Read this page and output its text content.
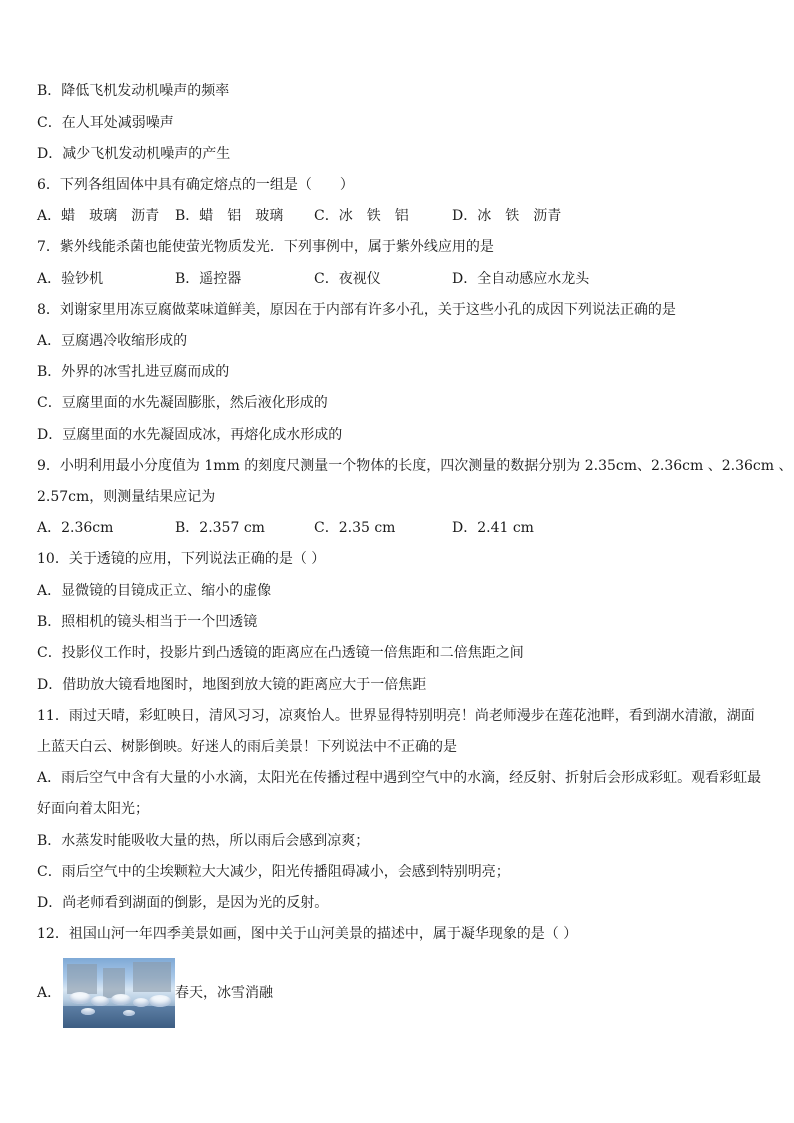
B．降低飞机发动机噪声的频率
C．在人耳处减弱噪声
D．减少飞机发动机噪声的产生
6．下列各组固体中具有确定熔点的一组是（　　）
A．蜡　玻璃　沥青 B．蜡　铝　玻璃 C．冰　铁　铝	D．冰　铁　沥青
7．紫外线能杀菌也能使萤光物质发光．下列事例中，属于紫外线应用的是
A．验钞机	B．遥控器	C．夜视仪	D．全自动感应水龙头
8．刘谢家里用冻豆腐做菜味道鲜美，原因在于内部有许多小孔，关于这些小孔的成因下列说法正确的是
A．豆腐遇冷收缩形成的
B．外界的冰雪扎进豆腐而成的
C．豆腐里面的水先凝固膨胀，然后液化形成的
D．豆腐里面的水先凝固成冰，再熔化成水形成的
9．小明利用最小分度值为 1mm 的刻度尺测量一个物体的长度，四次测量的数据分别为 2.35cm、2.36cm 、2.36cm 、
2.57cm，则测量结果应记为
A．2.36cm	B．2.357 cm	C．2.35 cm	D．2.41 cm
10．关于透镜的应用，下列说法正确的是（ ）
A．显微镜的目镜成正立、缩小的虚像
B．照相机的镜头相当于一个凹透镜
C．投影仪工作时，投影片到凸透镜的距离应在凸透镜一倍焦距和二倍焦距之间
D．借助放大镜看地图时，地图到放大镜的距离应大于一倍焦距
11．雨过天晴，彩虹映日，清风习习，凉爽怡人。世界显得特别明亮！尚老师漫步在莲花池畔，看到湖水清澈，湖面
上蓝天白云、树影倒映。好迷人的雨后美景！下列说法中不正确的是
A．雨后空气中含有大量的小水滴，太阳光在传播过程中遇到空气中的水滴，经反射、折射后会形成彩虹。观看彩虹最
好面向着太阳光；
B．水蒸发时能吸收大量的热，所以雨后会感到凉爽；
C．雨后空气中的尘埃颗粒大大减少，阳光传播阻碍减小，会感到特别明亮；
D．尚老师看到湖面的倒影，是因为光的反射。
12．祖国山河一年四季美景如画，图中关于山河美景的描述中，属于凝华现象的是（ ）
A．	春天，冰雪消融
